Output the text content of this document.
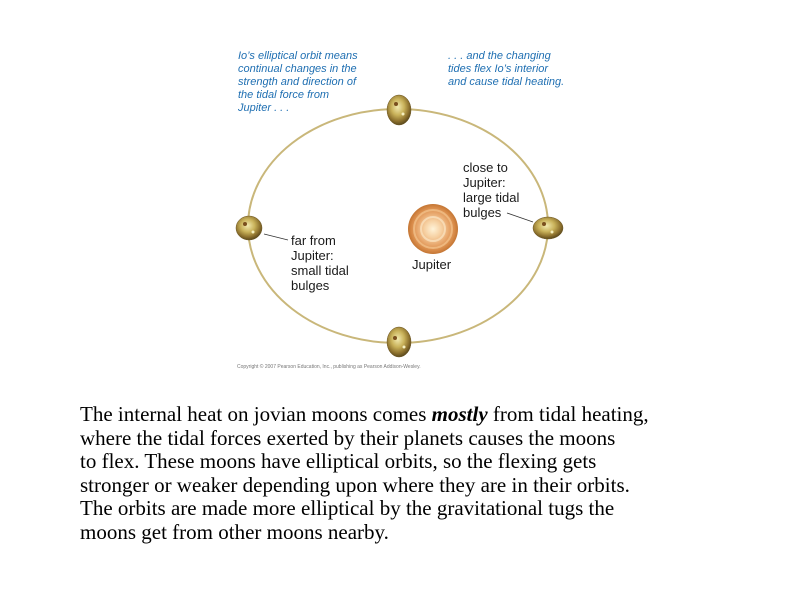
Io’s elliptical orbit means
continual changes in the
strength and direction of
the tidal force from
Jupiter . . .
. . . and the changing
tides flex Io’s interior
and cause tidal heating.
close to
Jupiter:
large tidal
bulges
far from
Jupiter:
small tidal
bulges
Jupiter
Copyright © 2007 Pearson Education, Inc., publishing as Pearson Addison-Wesley.

The internal heat on jovian moons comes mostly from tidal heating,

where the tidal forces exerted by their planets causes the moons

to flex. These moons have elliptical orbits, so the flexing gets

stronger or weaker depending upon where they are in their orbits.

The orbits are made more elliptical by the gravitational tugs the

moons get from other moons nearby.
